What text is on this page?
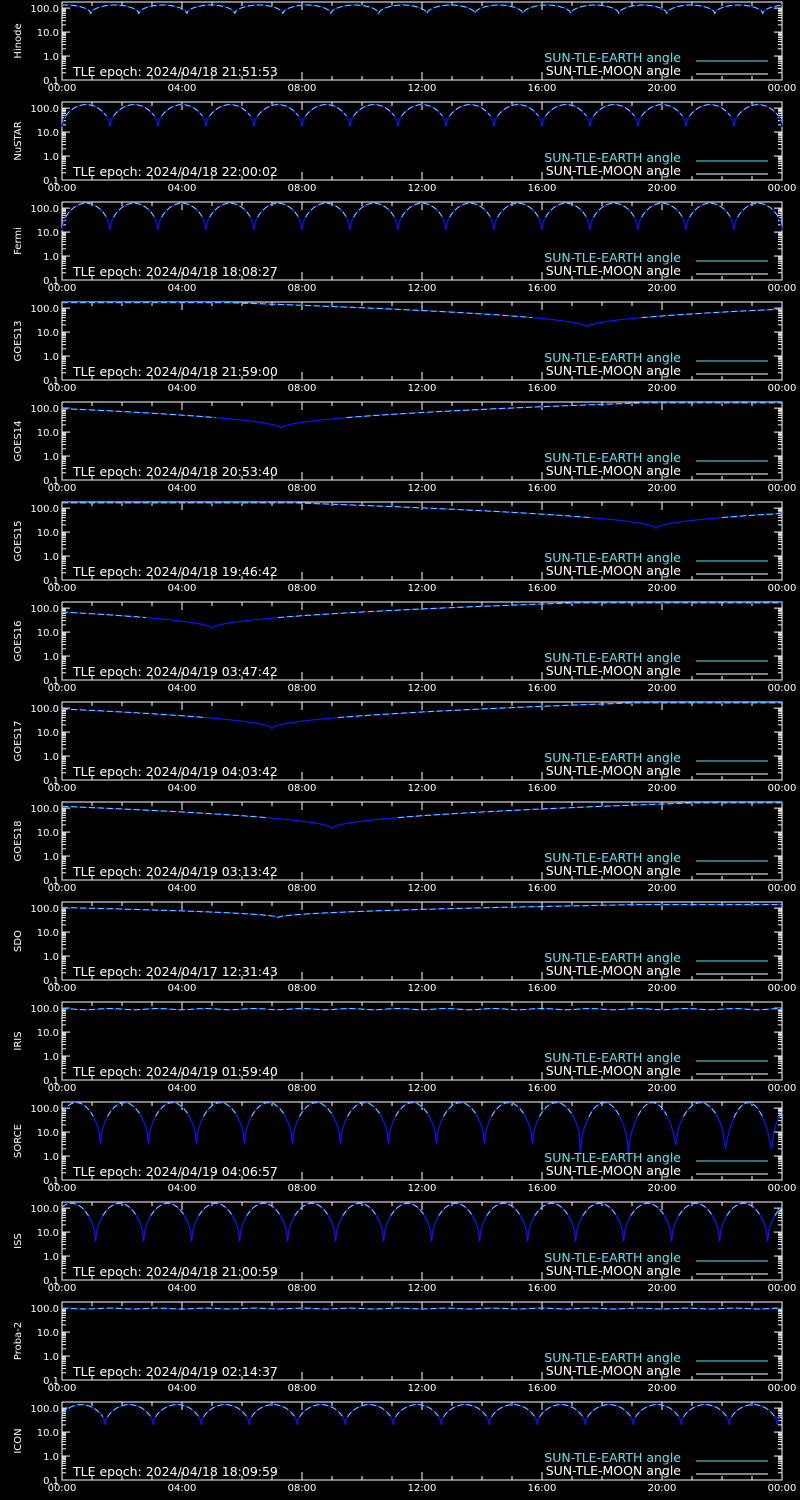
100.0
10.0
1.0
0.1
00:00	04:00	08:00	12:00	16:00	20:00	00:00
Hinode
TLE epoch: 2024/04/18 21:51:53
SUN-TLE-EARTH angle
SUN-TLE-MOON angle
100.0
10.0
1.0
0.1
00:00	04:00	08:00	12:00	16:00	20:00	00:00
NuSTAR
TLE epoch: 2024/04/18 22:00:02
SUN-TLE-EARTH angle
SUN-TLE-MOON angle
100.0
10.0
1.0
0.1
00:00	04:00	08:00	12:00	16:00	20:00	00:00
Fermi
TLE epoch: 2024/04/18 18:08:27
SUN-TLE-EARTH angle
SUN-TLE-MOON angle
100.0
10.0
1.0
0.1
00:00	04:00	08:00	12:00	16:00	20:00	00:00
GOES13
TLE epoch: 2024/04/18 21:59:00
SUN-TLE-EARTH angle
SUN-TLE-MOON angle
100.0
10.0
1.0
0.1
00:00	04:00	08:00	12:00	16:00	20:00	00:00
GOES14
TLE epoch: 2024/04/18 20:53:40
SUN-TLE-EARTH angle
SUN-TLE-MOON angle
100.0
10.0
1.0
0.1
00:00	04:00	08:00	12:00	16:00	20:00	00:00
GOES15
TLE epoch: 2024/04/18 19:46:42
SUN-TLE-EARTH angle
SUN-TLE-MOON angle
100.0
10.0
1.0
0.1
00:00	04:00	08:00	12:00	16:00	20:00	00:00
GOES16
TLE epoch: 2024/04/19 03:47:42
SUN-TLE-EARTH angle
SUN-TLE-MOON angle
100.0
10.0
1.0
0.1
00:00	04:00	08:00	12:00	16:00	20:00	00:00
GOES17
TLE epoch: 2024/04/19 04:03:42
SUN-TLE-EARTH angle
SUN-TLE-MOON angle
100.0
10.0
1.0
0.1
00:00	04:00	08:00	12:00	16:00	20:00	00:00
GOES18
TLE epoch: 2024/04/19 03:13:42
SUN-TLE-EARTH angle
SUN-TLE-MOON angle
100.0
10.0
1.0
0.1
00:00	04:00	08:00	12:00	16:00	20:00	00:00
SDO
TLE epoch: 2024/04/17 12:31:43
SUN-TLE-EARTH angle
SUN-TLE-MOON angle
100.0
10.0
1.0
0.1
00:00	04:00	08:00	12:00	16:00	20:00	00:00
IRIS
TLE epoch: 2024/04/19 01:59:40
SUN-TLE-EARTH angle
SUN-TLE-MOON angle
100.0
10.0
1.0
0.1
00:00	04:00	08:00	12:00	16:00	20:00	00:00
SORCE
TLE epoch: 2024/04/19 04:06:57
SUN-TLE-EARTH angle
SUN-TLE-MOON angle
100.0
10.0
1.0
0.1
00:00	04:00	08:00	12:00	16:00	20:00	00:00
ISS
TLE epoch: 2024/04/18 21:00:59
SUN-TLE-EARTH angle
SUN-TLE-MOON angle
100.0
10.0
1.0
0.1
00:00	04:00	08:00	12:00	16:00	20:00	00:00
Proba-2
TLE epoch: 2024/04/19 02:14:37
SUN-TLE-EARTH angle
SUN-TLE-MOON angle
100.0
10.0
1.0
0.1
00:00	04:00	08:00	12:00	16:00	20:00	00:00
ICON
TLE epoch: 2024/04/18 18:09:59
SUN-TLE-EARTH angle
SUN-TLE-MOON angle
